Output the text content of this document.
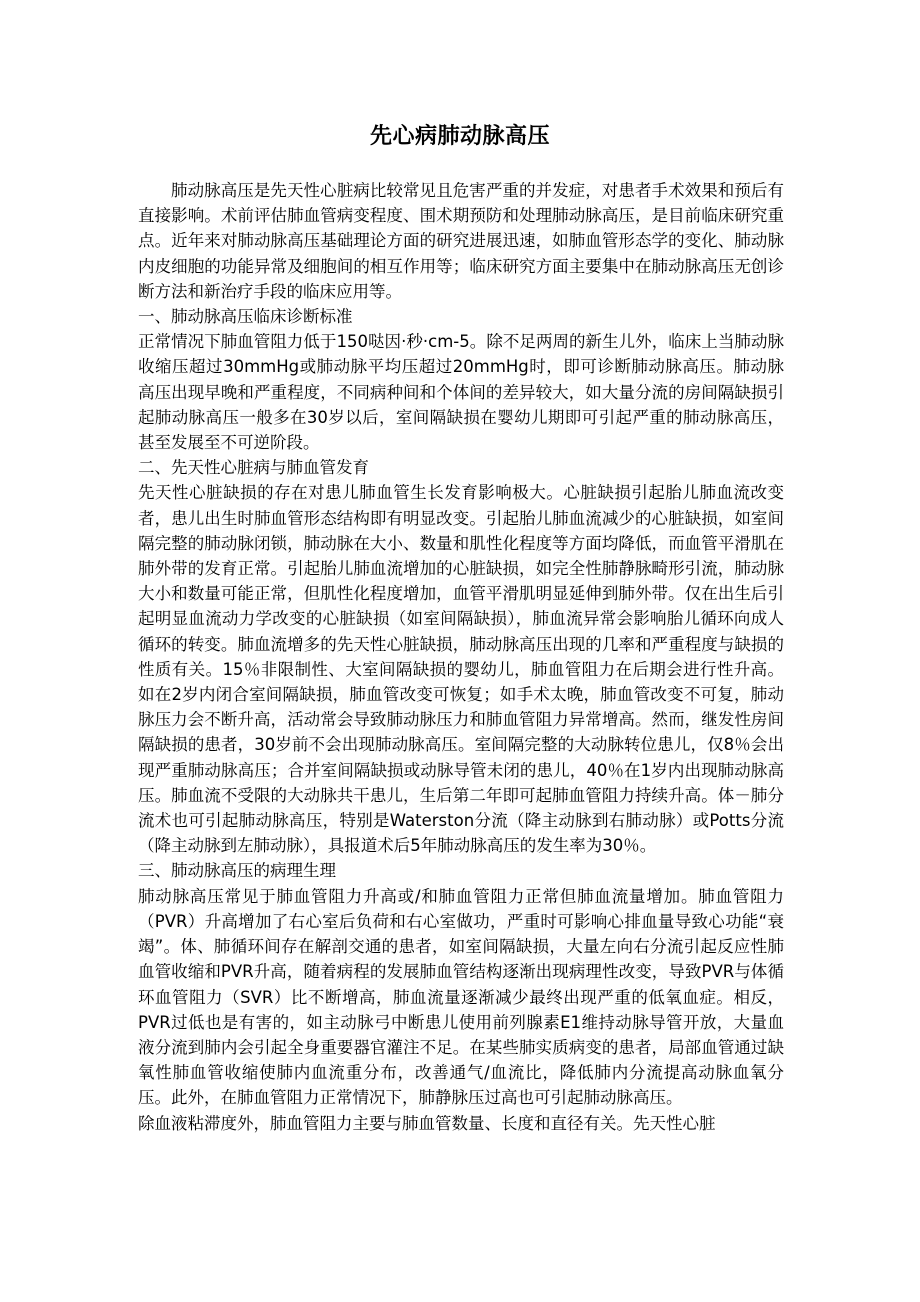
先心病肺动脉高压

肺动脉高压是先天性心脏病比较常见且危害严重的并发症，对患者手术效果和预后有直接影响。术前评估肺血管病变程度、围术期预防和处理肺动脉高压，是目前临床研究重点。近年来对肺动脉高压基础理论方面的研究进展迅速，如肺血管形态学的变化、肺动脉内皮细胞的功能异常及细胞间的相互作用等；临床研究方面主要集中在肺动脉高压无创诊断方法和新治疗手段的临床应用等。

一、肺动脉高压临床诊断标准

正常情况下肺血管阻力低于150哒因·秒·cm-5。除不足两周的新生儿外，临床上当肺动脉收缩压超过30mmHg或肺动脉平均压超过20mmHg时，即可诊断肺动脉高压。肺动脉高压出现早晚和严重程度，不同病种间和个体间的差异较大，如大量分流的房间隔缺损引起肺动脉高压一般多在30岁以后，室间隔缺损在婴幼儿期即可引起严重的肺动脉高压，甚至发展至不可逆阶段。

二、先天性心脏病与肺血管发育

先天性心脏缺损的存在对患儿肺血管生长发育影响极大。心脏缺损引起胎儿肺血流改变者，患儿出生时肺血管形态结构即有明显改变。引起胎儿肺血流减少的心脏缺损，如室间隔完整的肺动脉闭锁，肺动脉在大小、数量和肌性化程度等方面均降低，而血管平滑肌在肺外带的发育正常。引起胎儿肺血流增加的心脏缺损，如完全性肺静脉畸形引流，肺动脉大小和数量可能正常，但肌性化程度增加，血管平滑肌明显延伸到肺外带。仅在出生后引起明显血流动力学改变的心脏缺损（如室间隔缺损），肺血流异常会影响胎儿循环向成人循环的转变。肺血流增多的先天性心脏缺损，肺动脉高压出现的几率和严重程度与缺损的性质有关。15％非限制性、大室间隔缺损的婴幼儿，肺血管阻力在后期会进行性升高。如在2岁内闭合室间隔缺损，肺血管改变可恢复；如手术太晚，肺血管改变不可复，肺动脉压力会不断升高，活动常会导致肺动脉压力和肺血管阻力异常增高。然而，继发性房间隔缺损的患者，30岁前不会出现肺动脉高压。室间隔完整的大动脉转位患儿，仅8％会出现严重肺动脉高压；合并室间隔缺损或动脉导管未闭的患儿，40％在1岁内出现肺动脉高压。肺血流不受限的大动脉共干患儿，生后第二年即可起肺血管阻力持续升高。体－肺分流术也可引起肺动脉高压，特别是Waterston分流（降主动脉到右肺动脉）或Potts分流（降主动脉到左肺动脉），具报道术后5年肺动脉高压的发生率为30％。

三、肺动脉高压的病理生理

肺动脉高压常见于肺血管阻力升高或/和肺血管阻力正常但肺血流量增加。肺血管阻力（PVR）升高增加了右心室后负荷和右心室做功，严重时可影响心排血量导致心功能“衰竭”。体、肺循环间存在解剖交通的患者，如室间隔缺损，大量左向右分流引起反应性肺血管收缩和PVR升高，随着病程的发展肺血管结构逐渐出现病理性改变，导致PVR与体循环血管阻力（SVR）比不断增高，肺血流量逐渐减少最终出现严重的低氧血症。相反，PVR过低也是有害的，如主动脉弓中断患儿使用前列腺素E1维持动脉导管开放，大量血液分流到肺内会引起全身重要器官灌注不足。在某些肺实质病变的患者，局部血管通过缺氧性肺血管收缩使肺内血流重分布，改善通气/血流比，降低肺内分流提高动脉血氧分压。此外，在肺血管阻力正常情况下，肺静脉压过高也可引起肺动脉高压。

除血液粘滞度外，肺血管阻力主要与肺血管数量、长度和直径有关。先天性心脏
